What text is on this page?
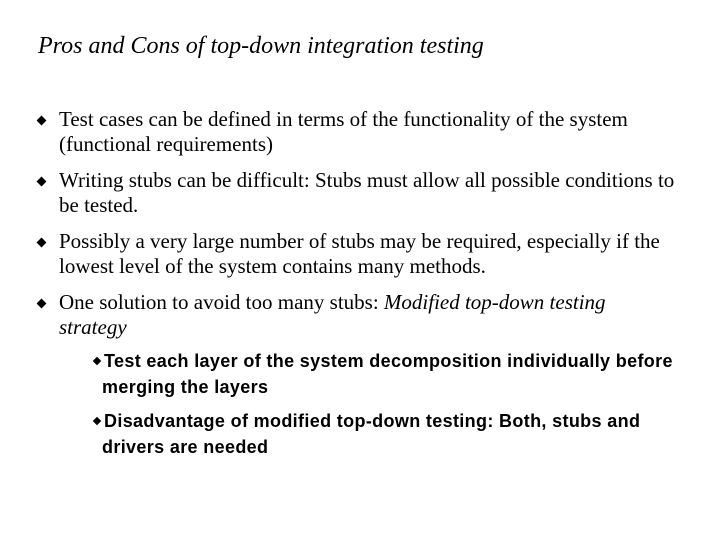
Pros and Cons of top-down integration testing
Test cases can be defined in terms of the functionality of the system (functional requirements)
Writing stubs can be difficult: Stubs must allow all possible conditions to be tested.
Possibly a very large number of stubs may be required, especially if the lowest level of the system contains many methods.
One solution to avoid too many stubs: Modified top-down testing strategy
Test each layer of the system decomposition individually before merging the layers
Disadvantage of modified top-down testing: Both, stubs and drivers are needed
